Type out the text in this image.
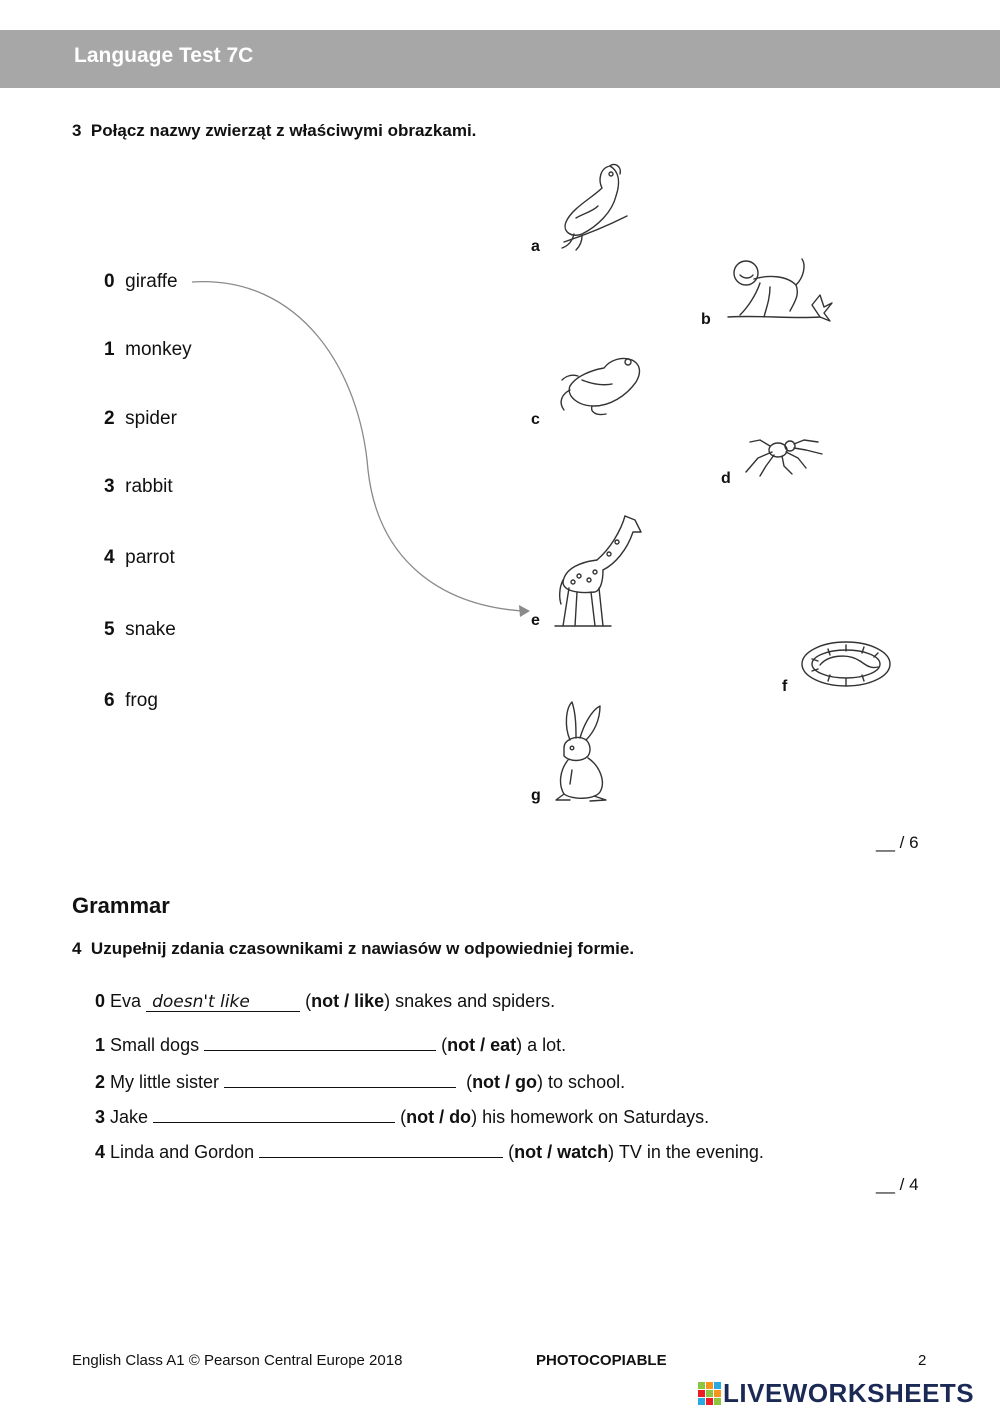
Language Test 7C
3 Połącz nazwy zwierząt z właściwymi obrazkami.
0 giraffe
1 monkey
2 spider
3 rabbit
4 parrot
5 snake
6 frog
a
b
c
d
e
f
g
__ / 6
Grammar
4 Uzupełnij zdania czasownikami z nawiasów w odpowiedniej formie.
0 Eva doesn't like	(not / like) snakes and spiders.
1 Small dogs	(not / eat) a lot.
2 My little sister	(not / go) to school.
3 Jake	(not / do) his homework on Saturdays.
4 Linda and Gordon	(not / watch) TV in the evening.
__ / 4
English Class A1 © Pearson Central Europe 2018	PHOTOCOPIABLE	2
LIVEWORKSHEETS
